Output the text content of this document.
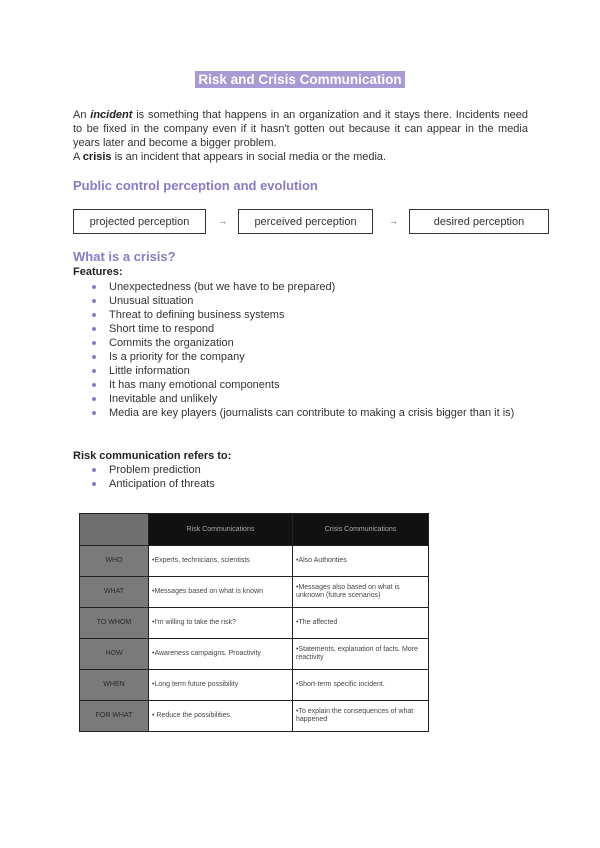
Risk and Crisis Communication

An incident is something that happens in an organization and it stays there. Incidents need to be fixed in the company even if it hasn't gotten out because it can appear in the media years later and become a bigger problem.

A crisis is an incident that appears in social media or the media.

Public control perception and evolution
projected perception	→	perceived perception	→	desired perception
What is a crisis?

Features:

Unexpectedness (but we have to be prepared)
Unusual situation
Threat to defining business systems
Short time to respond
Commits the organization
Is a priority for the company
Little information
It has many emotional components
Inevitable and unlikely
Media are key players (journalists can contribute to making a crisis bigger than it is)

Risk communication refers to:

Problem prediction
Anticipation of threats
	Risk Communications	Crisis Communications
WHO	•Experts, technicians, scientists	•Also Authorities
WHAT	•Messages based on what is known	•Messages also based on what is unknown (future scenarios)
TO WHOM	•I'm willing to take the risk?	•The affected
HOW	•Awareness campaigns. Proactivity	•Statements, explanation of facts. More reactivity
WHEN	•Long term future possibility	•Short-term specific incident.
FOR WHAT	• Reduce the possibilities.	•To explain the consequences of what happened
